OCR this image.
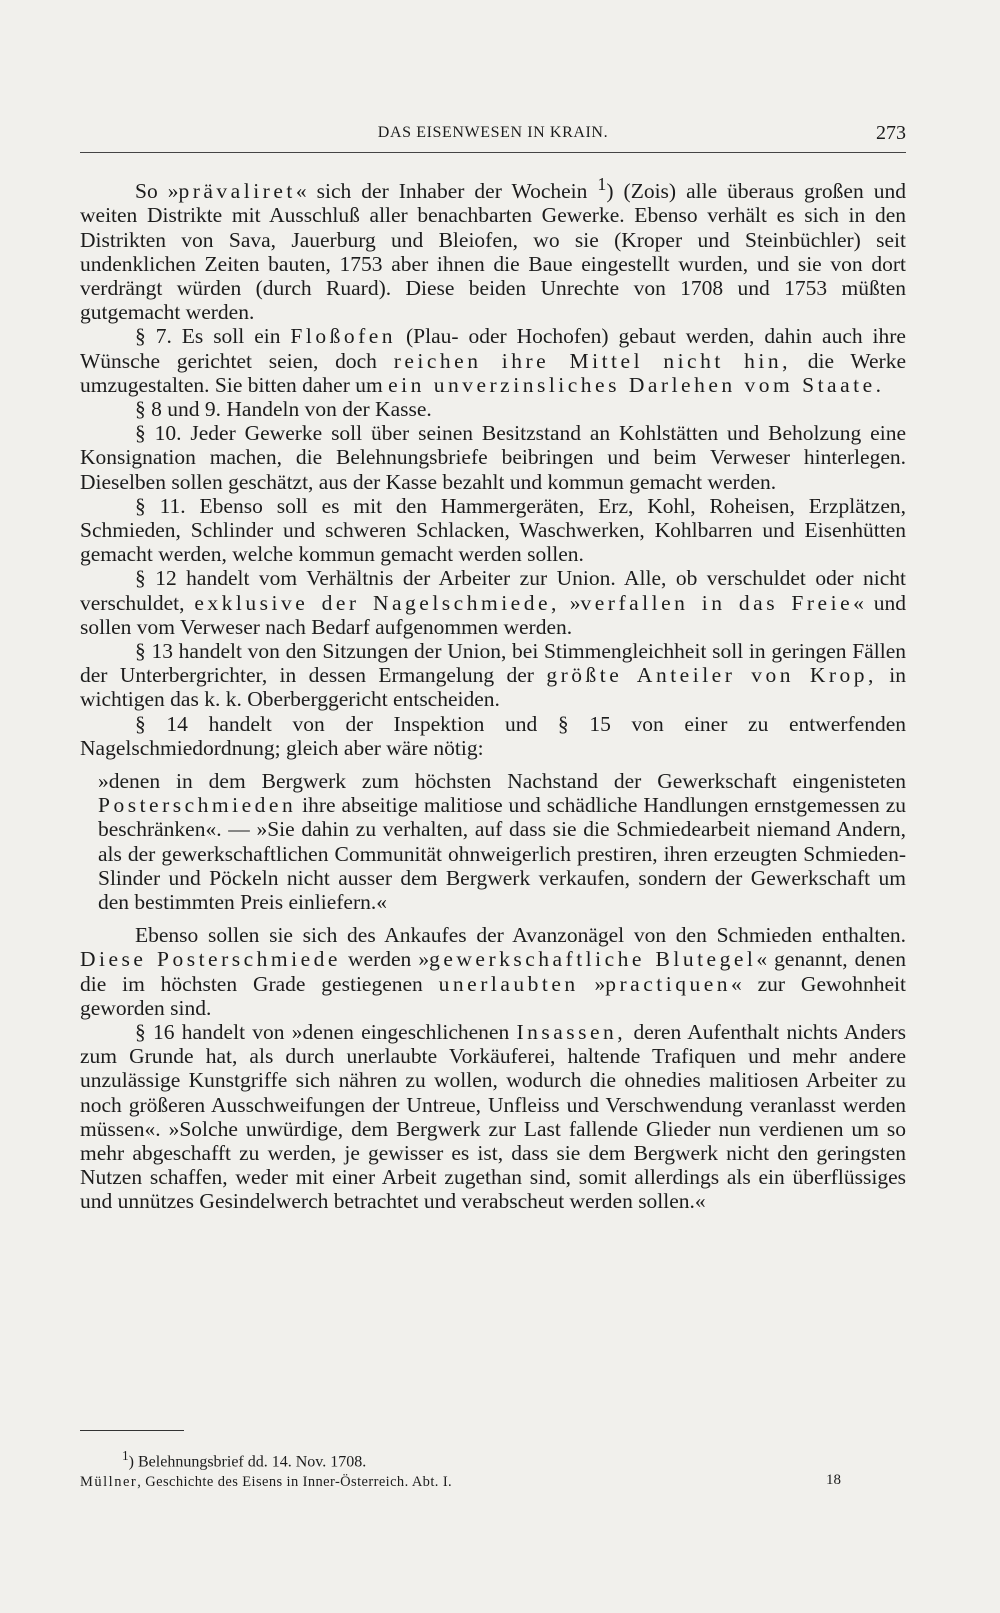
DAS EISENWESEN IN KRAIN.	273

So »prävaliret« sich der Inhaber der Wochein $^1$) (Zois) alle überaus großen und weiten Distrikte mit Ausschluß aller benachbarten Gewerke. Ebenso verhält es sich in den Distrikten von Sava, Jauerburg und Bleiofen, wo sie (Kroper und Steinbüchler) seit undenklichen Zeiten bauten, 1753 aber ihnen die Baue eingestellt wurden, und sie von dort verdrängt würden (durch Ruard). Diese beiden Unrechte von 1708 und 1753 müßten gutgemacht werden.

§ 7. Es soll ein Floßofen (Plau- oder Hochofen) gebaut werden, dahin auch ihre Wünsche gerichtet seien, doch reichen ihre Mittel nicht hin, die Werke umzugestalten. Sie bitten daher um ein unverzinsliches Darlehen vom Staate.

§ 8 und 9. Handeln von der Kasse.

§ 10. Jeder Gewerke soll über seinen Besitzstand an Kohlstätten und Beholzung eine Konsignation machen, die Belehnungsbriefe beibringen und beim Verweser hinterlegen. Dieselben sollen geschätzt, aus der Kasse bezahlt und kommun gemacht werden.

§ 11. Ebenso soll es mit den Hammergeräten, Erz, Kohl, Roheisen, Erzplätzen, Schmieden, Schlinder und schweren Schlacken, Waschwerken, Kohlbarren und Eisenhütten gemacht werden, welche kommun gemacht werden sollen.

§ 12 handelt vom Verhältnis der Arbeiter zur Union. Alle, ob verschuldet oder nicht verschuldet, exklusive der Nagelschmiede, »verfallen in das Freie« und sollen vom Verweser nach Bedarf aufgenommen werden.

§ 13 handelt von den Sitzungen der Union, bei Stimmengleichheit soll in geringen Fällen der Unterbergrichter, in dessen Ermangelung der größte Anteiler von Krop, in wichtigen das k. k. Oberberggericht entscheiden.

§ 14 handelt von der Inspektion und § 15 von einer zu entwerfenden Nagelschmiedordnung; gleich aber wäre nötig:

»denen in dem Bergwerk zum höchsten Nachstand der Gewerkschaft eingenisteten Posterschmieden ihre abseitige malitiose und schädliche Handlungen ernstgemessen zu beschränken«. — »Sie dahin zu verhalten, auf dass sie die Schmiedearbeit niemand Andern, als der gewerkschaftlichen Communität ohnweigerlich prestiren, ihren erzeugten Schmieden-Slinder und Pöckeln nicht ausser dem Bergwerk verkaufen, sondern der Gewerkschaft um den bestimmten Preis einliefern.«

Ebenso sollen sie sich des Ankaufes der Avanzonägel von den Schmieden enthalten. Diese Posterschmiede werden »gewerkschaftliche Blutegel« genannt, denen die im höchsten Grade gestiegenen unerlaubten »practiquen« zur Gewohnheit geworden sind.

§ 16 handelt von »denen eingeschlichenen Insassen, deren Aufenthalt nichts Anders zum Grunde hat, als durch unerlaubte Vorkäuferei, haltende Trafiquen und mehr andere unzulässige Kunstgriffe sich nähren zu wollen, wodurch die ohnedies malitiosen Arbeiter zu noch größeren Ausschweifungen der Untreue, Unfleiss und Verschwendung veranlasst werden müssen«. »Solche unwürdige, dem Bergwerk zur Last fallende Glieder nun verdienen um so mehr abgeschafft zu werden, je gewisser es ist, dass sie dem Bergwerk nicht den geringsten Nutzen schaffen, weder mit einer Arbeit zugethan sind, somit allerdings als ein überflüssiges und unnützes Gesindelwerch betrachtet und verabscheut werden sollen.«

$^1$) Belehnungsbrief dd. 14. Nov. 1708.
Müllner, Geschichte des Eisens in Inner-Österreich. Abt. I.	18
